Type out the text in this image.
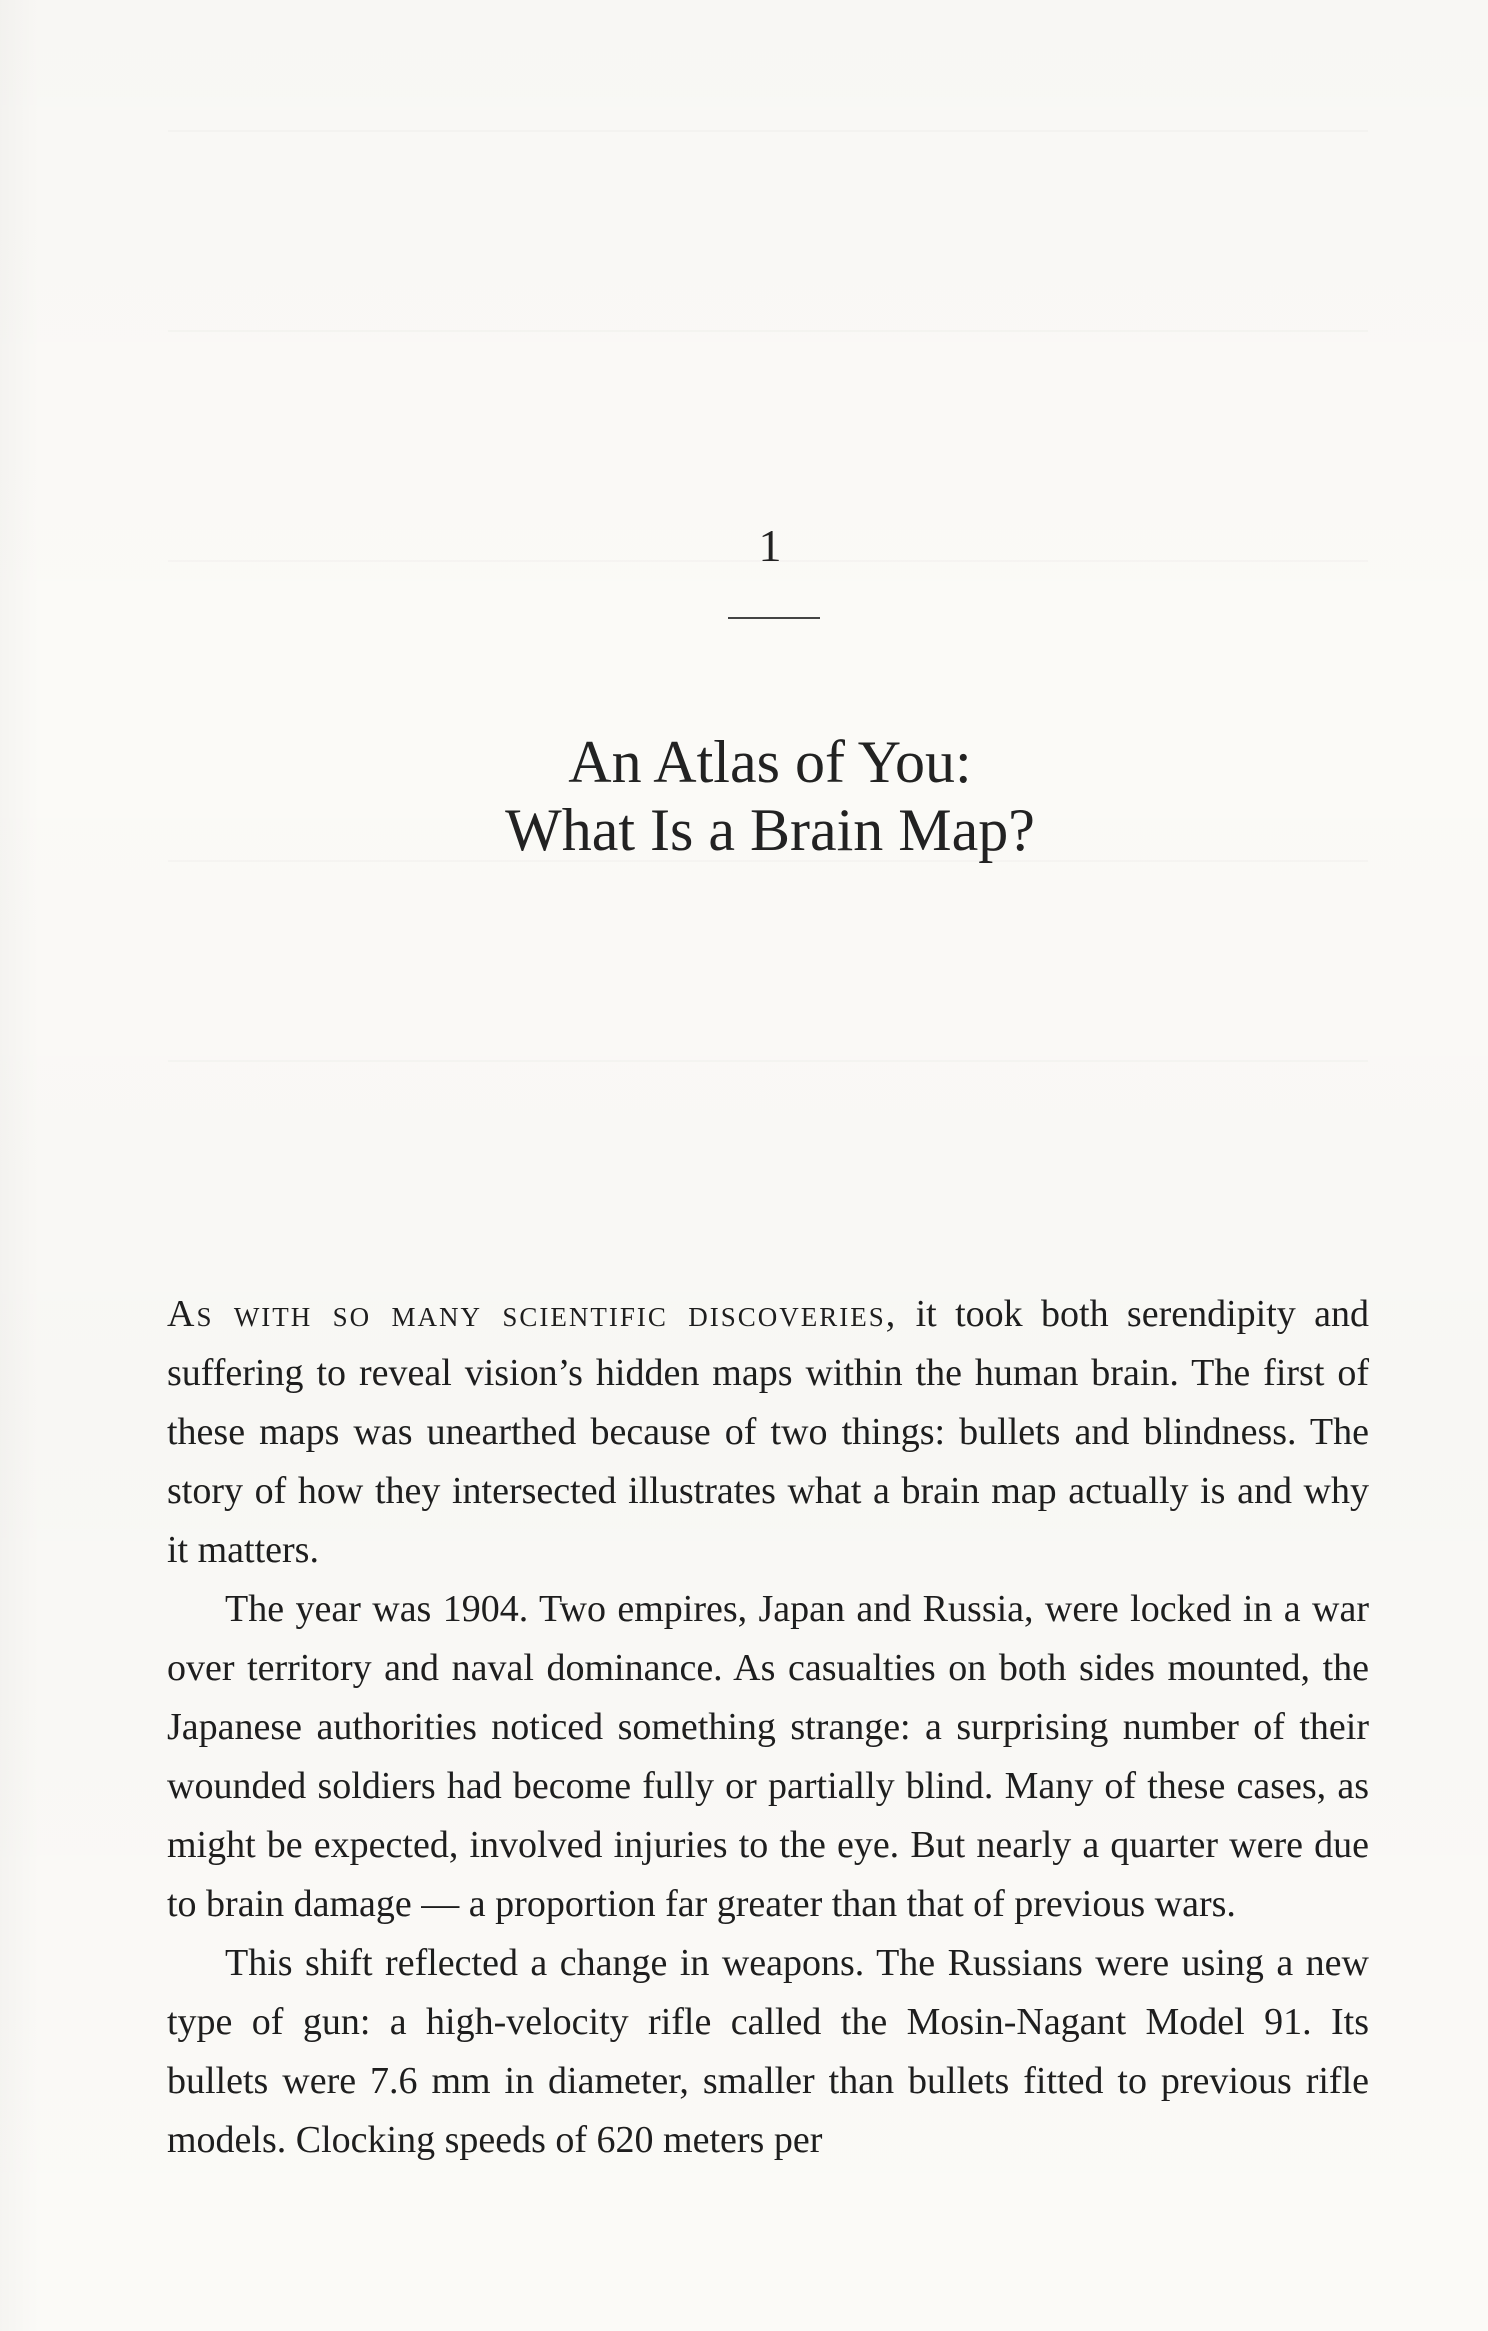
1
An Atlas of You:
What Is a Brain Map?

As with so many scientific discoveries, it took both serendipity and suffering to reveal vision’s hidden maps within the human brain. The first of these maps was unearthed because of two things: bullets and blindness. The story of how they intersected illustrates what a brain map actually is and why it matters.

The year was 1904. Two empires, Japan and Russia, were locked in a war over territory and naval dominance. As casualties on both sides mounted, the Japanese authorities noticed something strange: a surprising number of their wounded soldiers had become fully or partially blind. Many of these cases, as might be expected, involved injuries to the eye. But nearly a quarter were due to brain damage — a proportion far greater than that of previous wars.

This shift reflected a change in weapons. The Russians were using a new type of gun: a high-velocity rifle called the Mosin-Nagant Model 91. Its bullets were 7.6 mm in diameter, smaller than bullets fitted to previous rifle models. Clocking speeds of 620 meters per
